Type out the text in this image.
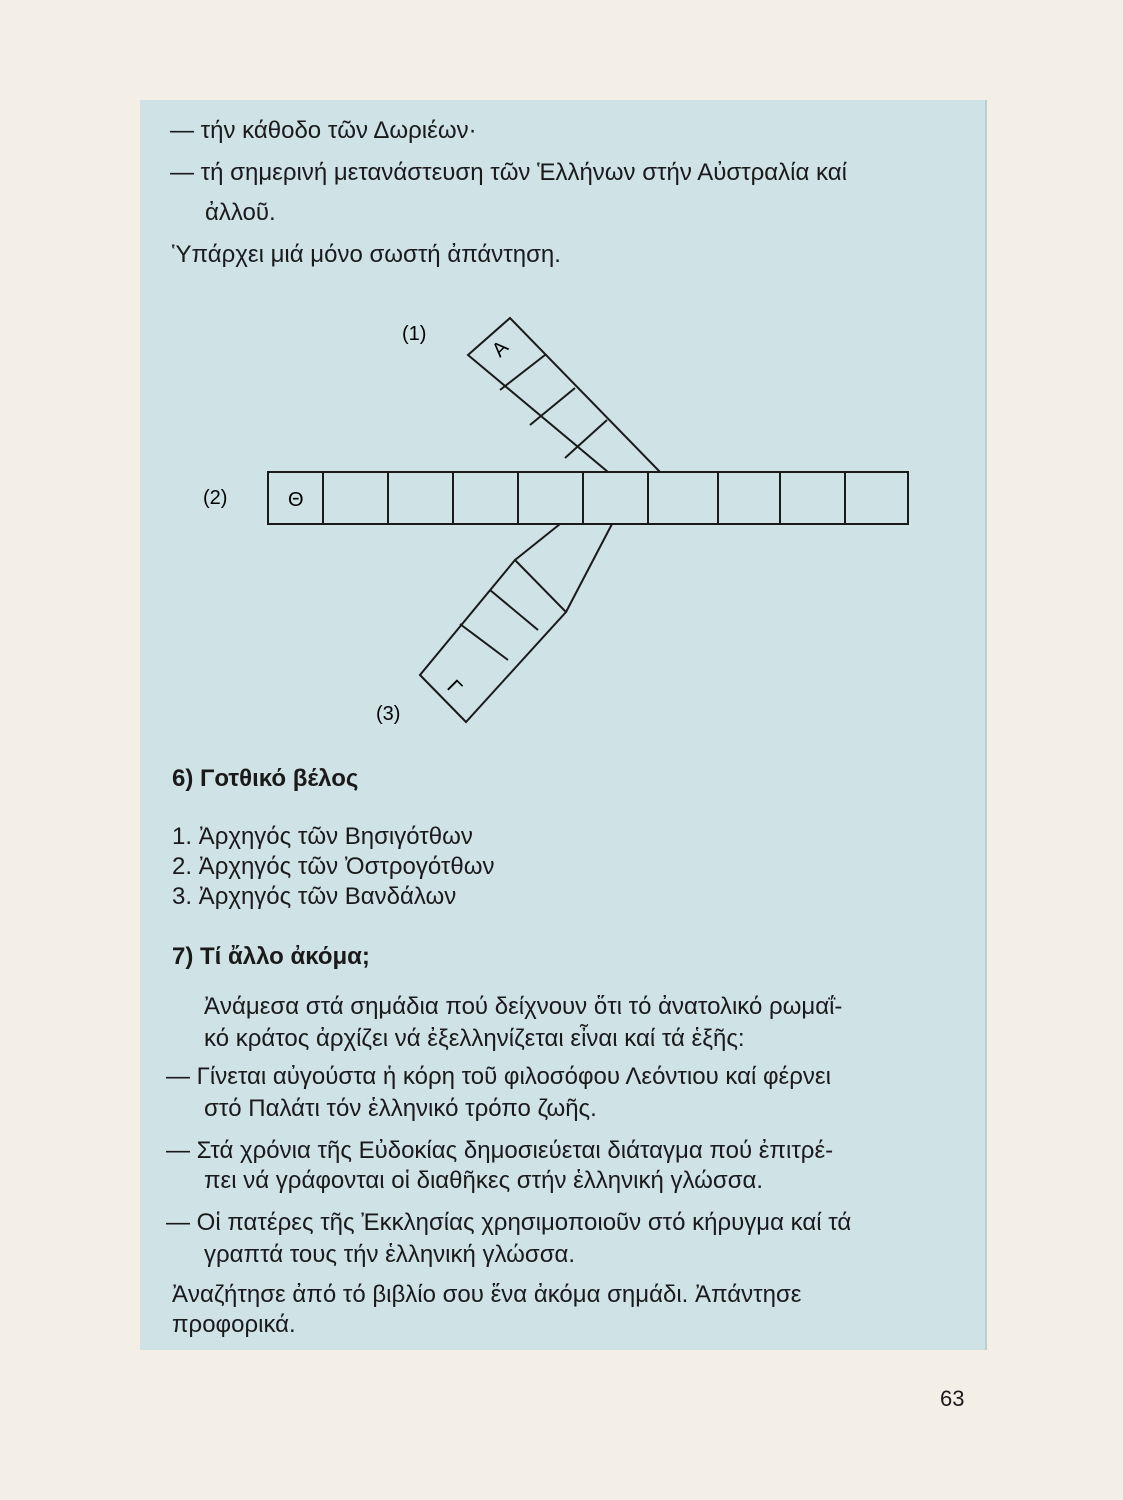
— τήν κάθοδο τῶν Δωριέων·
— τή σημερινή μετανάστευση τῶν Ἑλλήνων στήν Αὐστραλία καί
ἀλλοῦ.
Ὑπάρχει μιά μόνο σωστή ἀπάντηση.
(1)
(2)
(3)
Θ
Α
Γ
6) Γοτθικό βέλος
1. Ἀρχηγός τῶν Βησιγότθων
2. Ἀρχηγός τῶν Ὀστρογότθων
3. Ἀρχηγός τῶν Βανδάλων
7) Τί ἄλλο ἀκόμα;
Ἀνάμεσα στά σημάδια πού δείχνουν ὅτι τό ἀνατολικό ρωμαΐ-
κό κράτος ἀρχίζει νά ἐξελληνίζεται εἶναι καί τά ἑξῆς:
— Γίνεται αὐγούστα ἡ κόρη τοῦ φιλοσόφου Λεόντιου καί φέρνει
στό Παλάτι τόν ἑλληνικό τρόπο ζωῆς.
— Στά χρόνια τῆς Εὐδοκίας δημοσιεύεται διάταγμα πού ἐπιτρέ-
πει νά γράφονται οἱ διαθῆκες στήν ἑλληνική γλώσσα.
— Οἱ πατέρες τῆς Ἐκκλησίας χρησιμοποιοῦν στό κήρυγμα καί τά
γραπτά τους τήν ἑλληνική γλώσσα.
Ἀναζήτησε ἀπό τό βιβλίο σου ἕνα ἀκόμα σημάδι. Ἀπάντησε
προφορικά.
63
